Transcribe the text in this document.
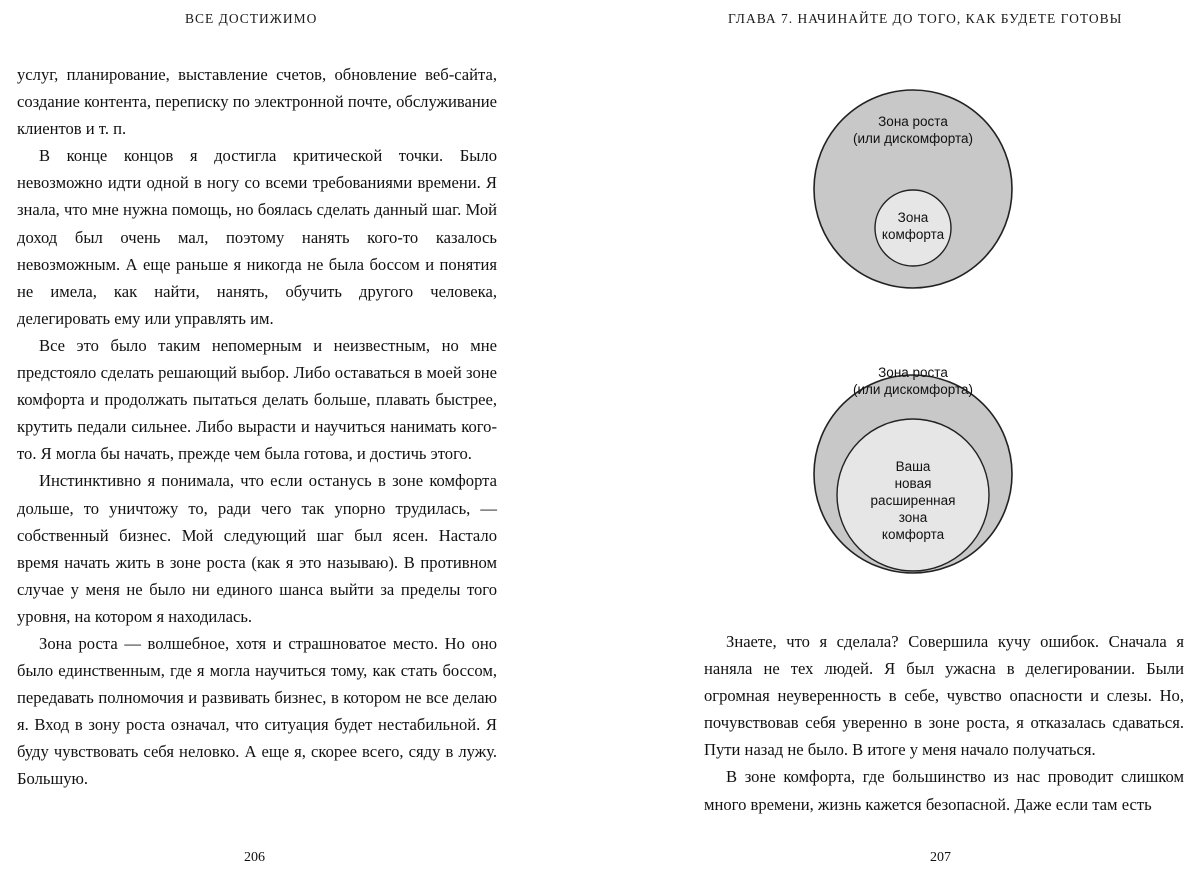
ВСЕ ДОСТИЖИМО

услуг, планирование, выставление счетов, обновление веб-сайта, создание контента, переписку по электронной почте, обслуживание клиентов и т. п.

В конце концов я достигла критической точки. Было невозможно идти одной в ногу со всеми требованиями времени. Я знала, что мне нужна помощь, но боялась сделать данный шаг. Мой доход был очень мал, поэтому нанять кого-то казалось невозможным. А еще раньше я никогда не была боссом и понятия не имела, как найти, нанять, обучить другого человека, делегировать ему или управлять им.

Все это было таким непомерным и неизвестным, но мне предстояло сделать решающий выбор. Либо оставаться в моей зоне комфорта и продолжать пытаться делать больше, плавать быстрее, крутить педали сильнее. Либо вырасти и научиться нанимать кого-то. Я могла бы начать, прежде чем была готова, и достичь этого.

Инстинктивно я понимала, что если останусь в зоне комфорта дольше, то уничтожу то, ради чего так упорно трудилась, — собственный бизнес. Мой следующий шаг был ясен. Настало время начать жить в зоне роста (как я это называю). В противном случае у меня не было ни единого шанса выйти за пределы того уровня, на котором я находилась.

Зона роста — волшебное, хотя и страшноватое место. Но оно было единственным, где я могла научиться тому, как стать боссом, передавать полномочия и развивать бизнес, в котором не все делаю я. Вход в зону роста означал, что ситуация будет нестабильной. Я буду чувствовать себя неловко. А еще я, скорее всего, сяду в лужу. Большую.

206
ГЛАВА 7. НАЧИНАЙТЕ ДО ТОГО, КАК БУДЕТЕ ГОТОВЫ
Зона роста
(или дискомфорта)
Зона
комфорта
Зона роста
(или дискомфорта)
Ваша
новая
расширенная
зона
комфорта

Знаете, что я сделала? Совершила кучу ошибок. Сначала я наняла не тех людей. Я был ужасна в делегировании. Были огромная неуверенность в себе, чувство опасности и слезы. Но, почувствовав себя уверенно в зоне роста, я отказалась сдаваться. Пути назад не было. В итоге у меня начало получаться.

В зоне комфорта, где большинство из нас проводит слишком много времени, жизнь кажется безопасной. Даже если там есть

207
